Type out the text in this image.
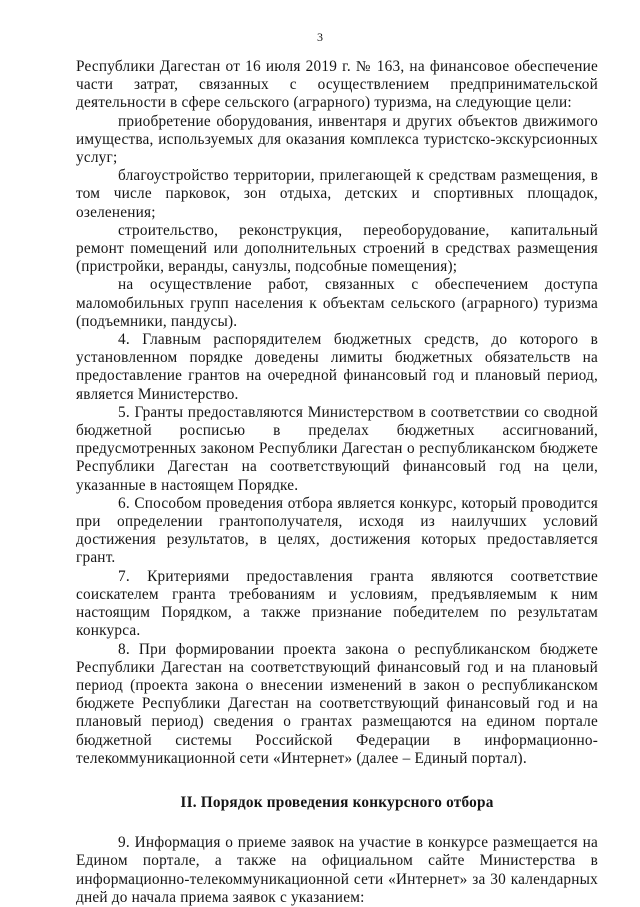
3

Республики Дагестан от 16 июля 2019 г. № 163, на финансовое обеспечение части затрат, связанных с осуществлением предпринимательской деятельности в сфере сельского (аграрного) туризма, на следующие цели:

приобретение оборудования, инвентаря и других объектов движимого имущества, используемых для оказания комплекса туристско-экскурсионных услуг;

благоустройство территории, прилегающей к средствам размещения, в том числе парковок, зон отдыха, детских и спортивных площадок, озеленения;

строительство, реконструкция, переоборудование, капитальный ремонт помещений или дополнительных строений в средствах размещения (пристройки, веранды, санузлы, подсобные помещения);

на осуществление работ, связанных с обеспечением доступа маломобильных групп населения к объектам сельского (аграрного) туризма (подъемники, пандусы).

4. Главным распорядителем бюджетных средств, до которого в установленном порядке доведены лимиты бюджетных обязательств на предоставление грантов на очередной финансовый год и плановый период, является Министерство.

5. Гранты предоставляются Министерством в соответствии со сводной бюджетной росписью в пределах бюджетных ассигнований, предусмотренных законом Республики Дагестан о республиканском бюджете Республики Дагестан на соответствующий финансовый год на цели, указанные в настоящем Порядке.

6. Способом проведения отбора является конкурс, который проводится при определении грантополучателя, исходя из наилучших условий достижения результатов, в целях, достижения которых предоставляется грант.

7. Критериями предоставления гранта являются соответствие соискателем гранта требованиям и условиям, предъявляемым к ним настоящим Порядком, а также признание победителем по результатам конкурса.

8. При формировании проекта закона о республиканском бюджете Республики Дагестан на соответствующий финансовый год и на плановый период (проекта закона о внесении изменений в закон о республиканском бюджете Республики Дагестан на соответствующий финансовый год и на плановый период) сведения о грантах размещаются на едином портале бюджетной системы Российской Федерации в информационно-телекоммуникационной сети «Интернет» (далее – Единый портал).

II. Порядок проведения конкурсного отбора

9. Информация о приеме заявок на участие в конкурсе размещается на Едином портале, а также на официальном сайте Министерства в информационно-телекоммуникационной сети «Интернет» за 30 календарных дней до начала приема заявок с указанием:
